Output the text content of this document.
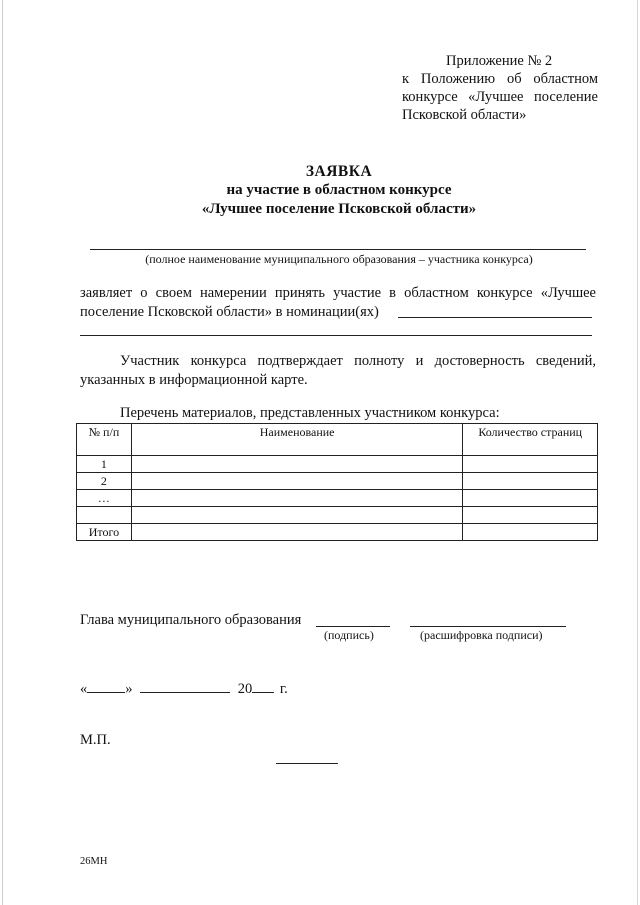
Приложение № 2
к Положению об областном
конкурсе «Лучшее поселение
Псковской области»
ЗАЯВКА
на участие в областном конкурсе
«Лучшее поселение Псковской области»
(полное наименование муниципального образования – участника конкурса)
заявляет о своем намерении принять участие в областном конкурсе «Лучшее поселение Псковской области» в номинации(ях)
Участник конкурса подтверждает полноту и достоверность сведений, указанных в информационной карте.
Перечень материалов, представленных участником конкурса:
№ п/п	Наименование	Количество страниц
1		
2		
…		

Итого		
Глава муниципального образования
(подпись)	(расшифровка подписи)
«	»	20 г.
М.П.
26МН
